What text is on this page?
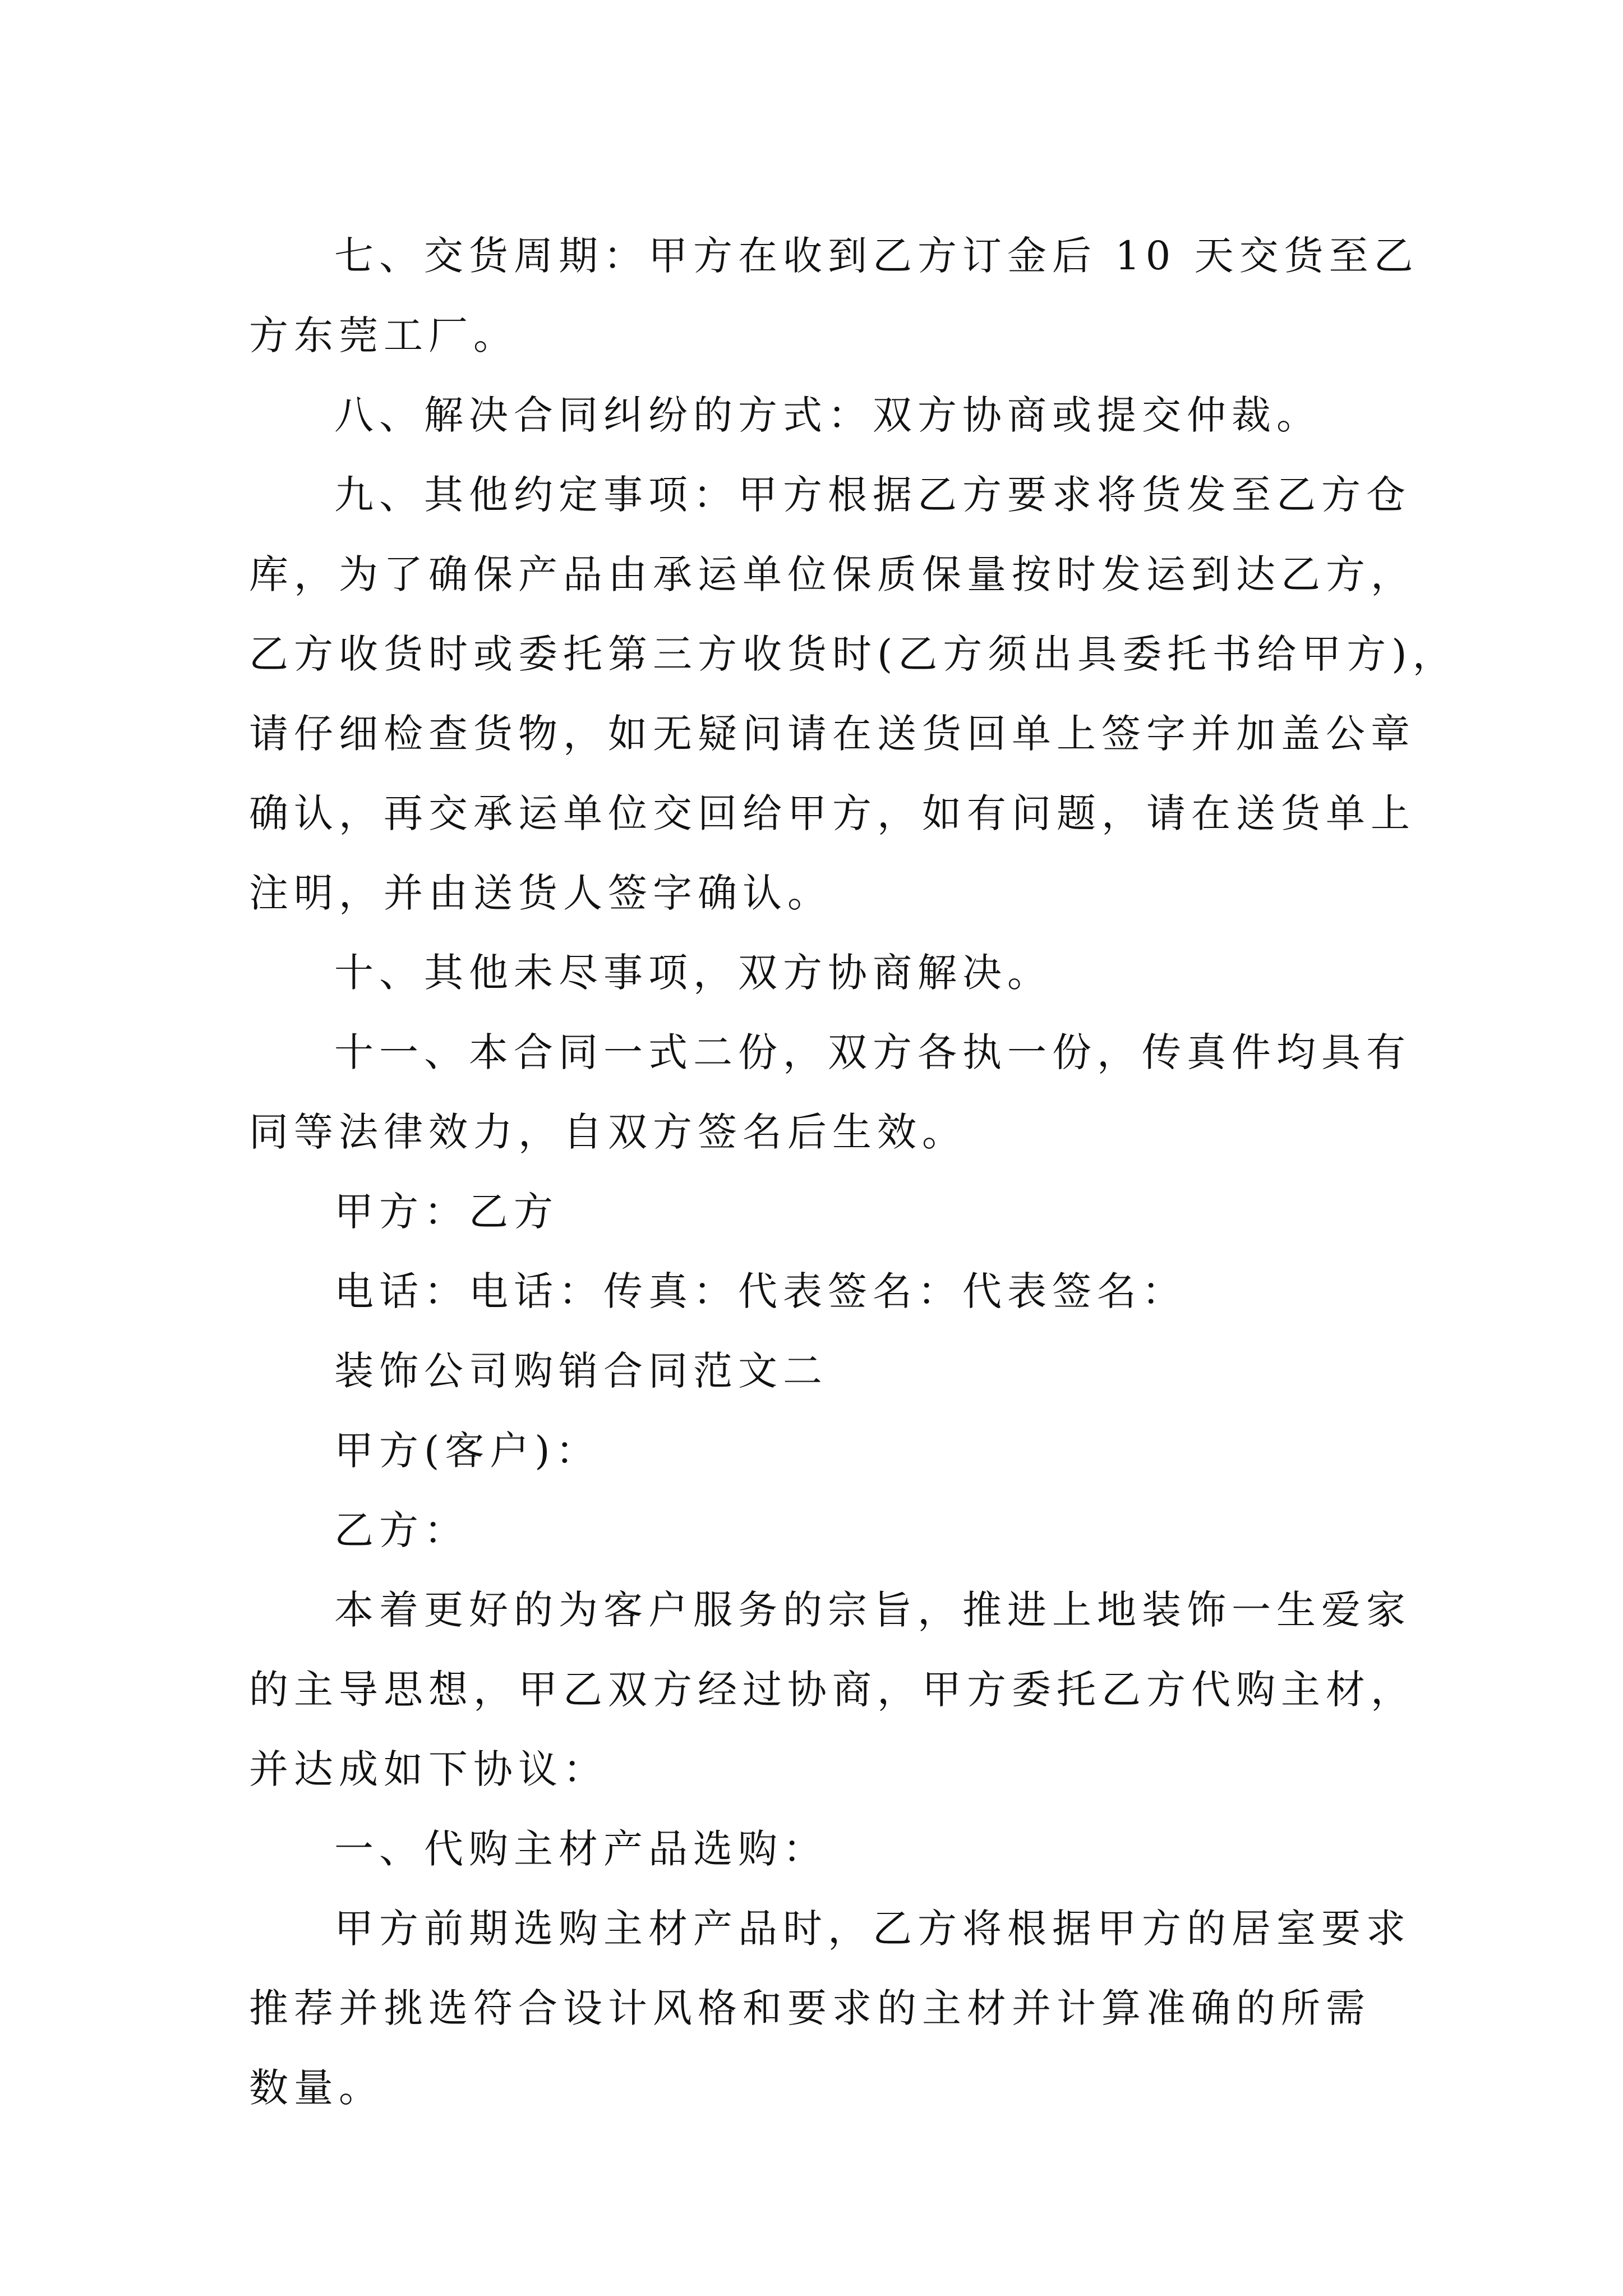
七、交货周期：甲方在收到乙方订金后 10 天交货至乙
方东莞工厂。
八、解决合同纠纷的方式：双方协商或提交仲裁。
九、其他约定事项：甲方根据乙方要求将货发至乙方仓
库，为了确保产品由承运单位保质保量按时发运到达乙方，
乙方收货时或委托第三方收货时(乙方须出具委托书给甲方)，
请仔细检查货物，如无疑问请在送货回单上签字并加盖公章
确认，再交承运单位交回给甲方，如有问题，请在送货单上
注明，并由送货人签字确认。
十、其他未尽事项，双方协商解决。
十一、本合同一式二份，双方各执一份，传真件均具有
同等法律效力，自双方签名后生效。
甲方：乙方
电话：电话：传真：代表签名：代表签名：
装饰公司购销合同范文二
甲方(客户)：
乙方：
本着更好的为客户服务的宗旨，推进上地装饰一生爱家
的主导思想，甲乙双方经过协商，甲方委托乙方代购主材，
并达成如下协议：
一、代购主材产品选购：
甲方前期选购主材产品时，乙方将根据甲方的居室要求
推荐并挑选符合设计风格和要求的主材并计算准确的所需
数量。
